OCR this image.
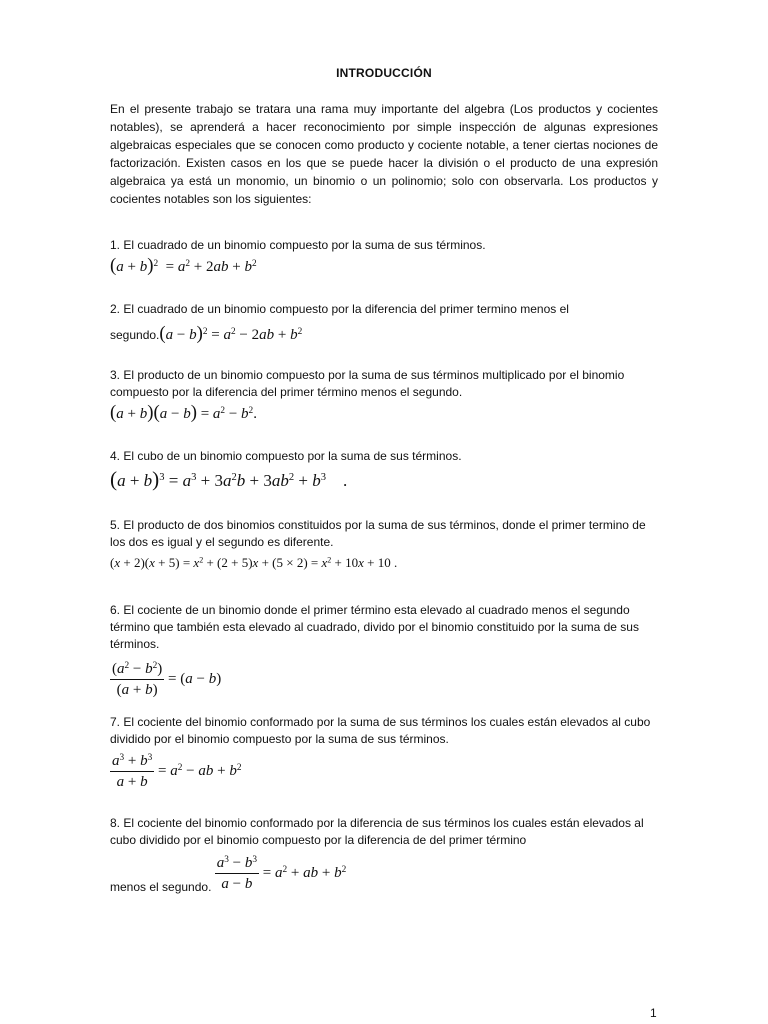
INTRODUCCIÓN
En el presente trabajo se tratara una rama muy importante del algebra (Los productos y cocientes notables), se aprenderá a hacer reconocimiento por simple inspección de algunas expresiones algebraicas especiales que se conocen como producto y cociente notable, a tener ciertas nociones de factorización. Existen casos en los que se puede hacer la división o el producto de una expresión algebraica ya está un monomio, un binomio o un polinomio; solo con observarla. Los productos y cocientes notables son los siguientes:
1. El cuadrado de un binomio compuesto por la suma de sus términos.
$(a + b)^2 = a^2 + 2ab + b^2$
2. El cuadrado de un binomio compuesto por la diferencia del primer termino menos el
segundo.(a − $b)^2 = a^2 - 2ab + b^2$
3. El producto de un binomio compuesto por la suma de sus términos multiplicado por el binomio compuesto por la diferencia del primer término menos el segundo.
$(a + b)(a - b) = a^2 - b^2$.
4. El cubo de un binomio compuesto por la suma de sus términos.
$(a + b)^3 = a^3 + 3a^2b + 3ab^2 + b^3$    .
5. El producto de dos binomios constituidos por la suma de sus términos, donde el primer termino de los dos es igual y el segundo es diferente.
$(x + 2)(x + 5) = x^2 + (2 + 5)x + (5 \times 2) = x^2 + 10x + 10$ .
6. El cociente de un binomio donde el primer término esta elevado al cuadrado menos el segundo término que también esta elevado al cuadrado, divido por el binomio constituido por la suma de sus términos.
$\frac{(a^2 - b^2)}{(a + b)} = (a - b)$
7. El cociente del binomio conformado por la suma de sus términos los cuales están elevados al cubo dividido por el binomio compuesto por la suma de sus términos.
$\frac{a^3 + b^3}{a + b} = a^2$ − ab + $b^2$
8. El cociente del binomio conformado por la diferencia de sus términos los cuales están elevados al cubo dividido por el binomio compuesto por la diferencia de del primer término
menos el segundo. $\frac{a^3 - b^3}{a - b} = a^2$ + ab + $b^2$
1
